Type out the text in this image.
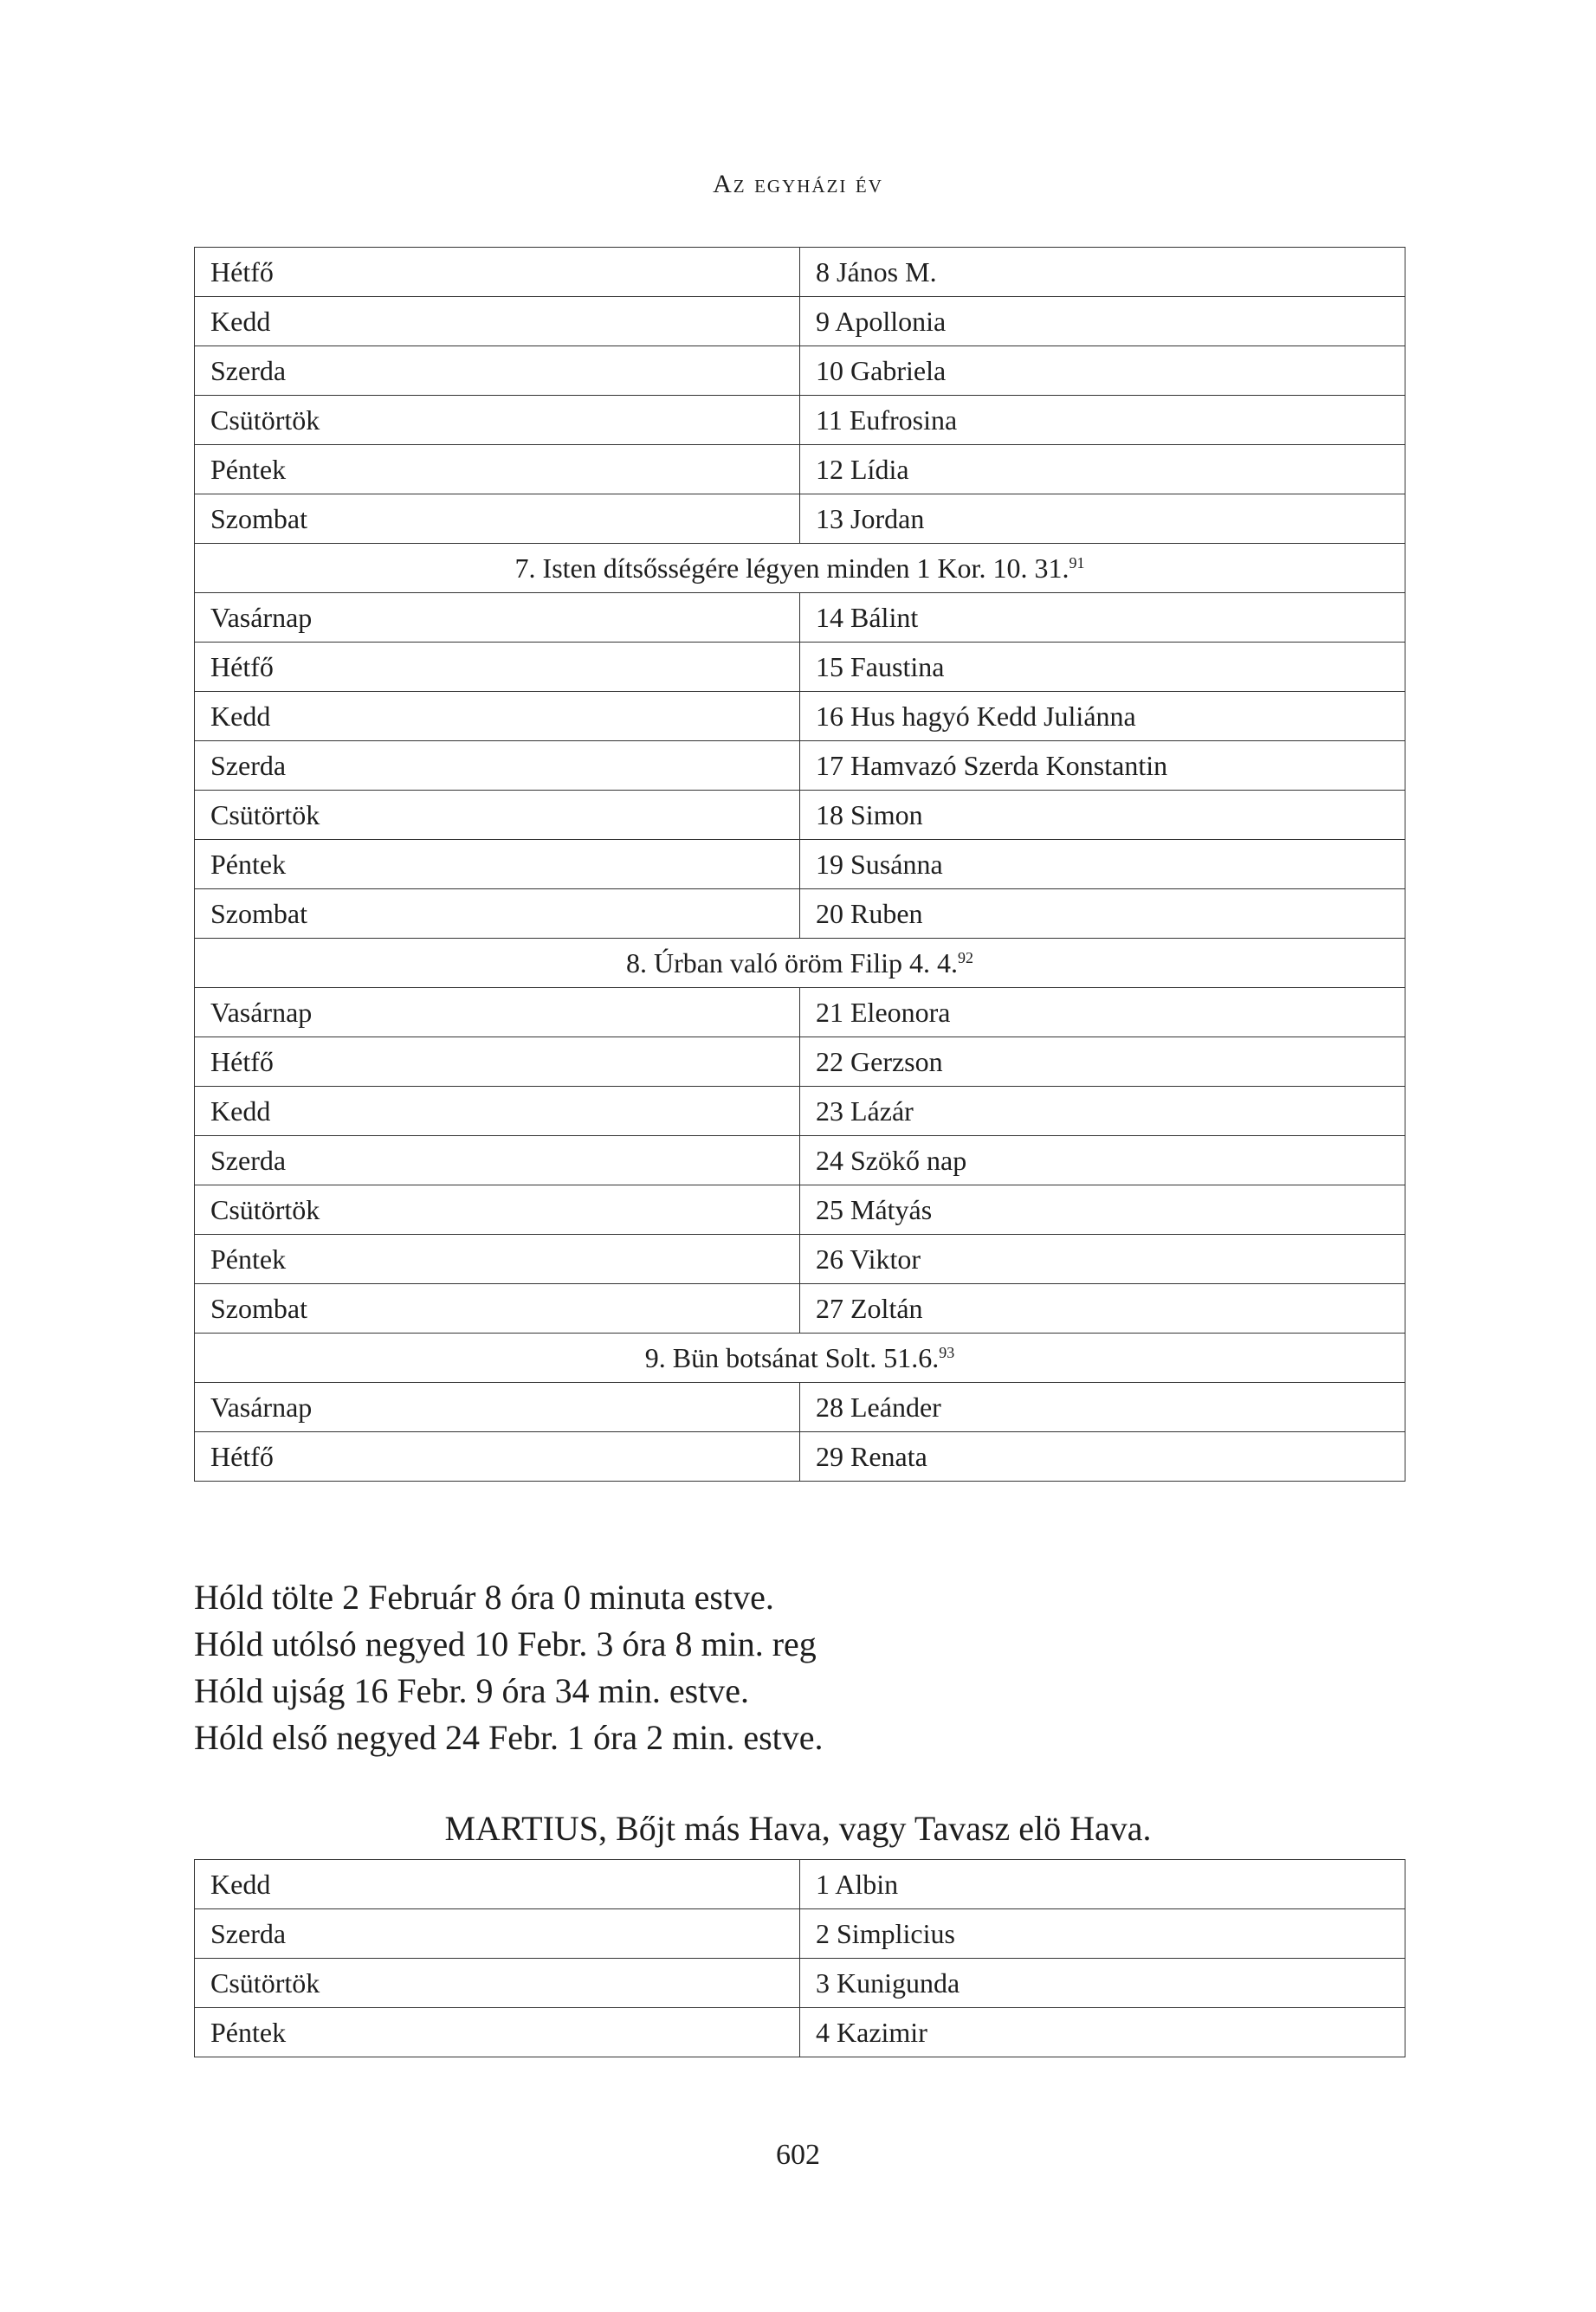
Az egyházi év
Hétfő	8 János M.
Kedd	9 Apollonia
Szerda	10 Gabriela
Csütörtök	11 Eufrosina
Péntek	12 Lídia
Szombat	13 Jordan
7. Isten dítsősségére légyen minden 1 Kor. 10. 31.91
Vasárnap	14 Bálint
Hétfő	15 Faustina
Kedd	16 Hus hagyó Kedd Juliánna
Szerda	17 Hamvazó Szerda Konstantin
Csütörtök	18 Simon
Péntek	19 Susánna
Szombat	20 Ruben
8. Úrban való öröm Filip 4. 4.92
Vasárnap	21 Eleonora
Hétfő	22 Gerzson
Kedd	23 Lázár
Szerda	24 Szökő nap
Csütörtök	25 Mátyás
Péntek	26 Viktor
Szombat	27 Zoltán
9. Bün botsánat Solt. 51.6.93
Vasárnap	28 Leánder
Hétfő	29 Renata
Hóld tölte 2 Február 8 óra 0 minuta estve.
Hóld utólsó negyed 10 Febr. 3 óra 8 min. reg
Hóld ujság 16 Febr. 9 óra 34 min. estve.
Hóld első negyed 24 Febr. 1 óra 2 min. estve.
MARTIUS, Bőjt más Hava, vagy Tavasz elö Hava.
Kedd	1 Albin
Szerda	2 Simplicius
Csütörtök	3 Kunigunda
Péntek	4 Kazimir
602
